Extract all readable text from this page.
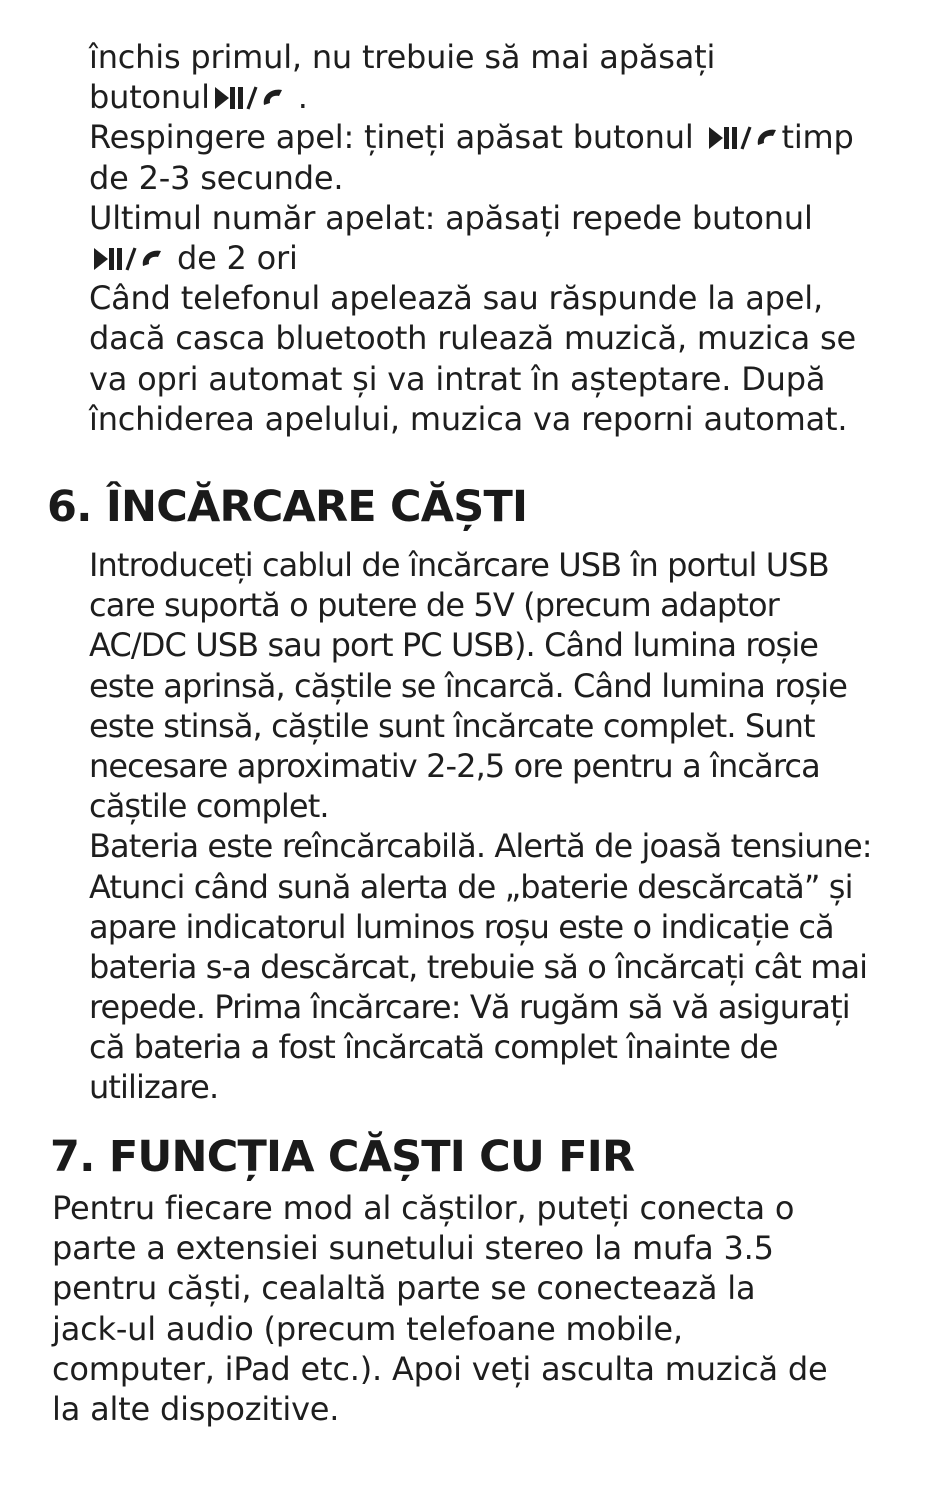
închis primul, nu trebuie să mai apăsați
butonul
.
Respingere apel: țineți apăsat butonul
timp
de 2-3 secunde.
Ultimul număr apelat: apăsați repede butonul
de 2 ori
Când telefonul apelează sau răspunde la apel,
dacă casca bluetooth rulează muzică, muzica se
va opri automat și va intrat în așteptare. După
închiderea apelului, muzica va reporni automat.
6. ÎNCĂRCARE CĂȘTI
Introduceți cablul de încărcare USB în portul USB
care suportă o putere de 5V (precum adaptor
AC/DC USB sau port PC USB). Când lumina roșie
este aprinsă, căștile se încarcă. Când lumina roșie
este stinsă, căștile sunt încărcate complet. Sunt
necesare aproximativ 2-2,5 ore pentru a încărca
căștile complet.
Bateria este reîncărcabilă. Alertă de joasă tensiune:
Atunci când sună alerta de „baterie descărcată” și
apare indicatorul luminos roșu este o indicație că
bateria s-a descărcat, trebuie să o încărcați cât mai
repede. Prima încărcare: Vă rugăm să vă asigurați
că bateria a fost încărcată complet înainte de
utilizare.
7. FUNCȚIA CĂȘTI CU FIR
Pentru fiecare mod al căștilor, puteți conecta o
parte a extensiei sunetului stereo la mufa 3.5
pentru căști, cealaltă parte se conectează la
jack-ul audio (precum telefoane mobile,
computer, iPad etc.). Apoi veți asculta muzică de
la alte dispozitive.
